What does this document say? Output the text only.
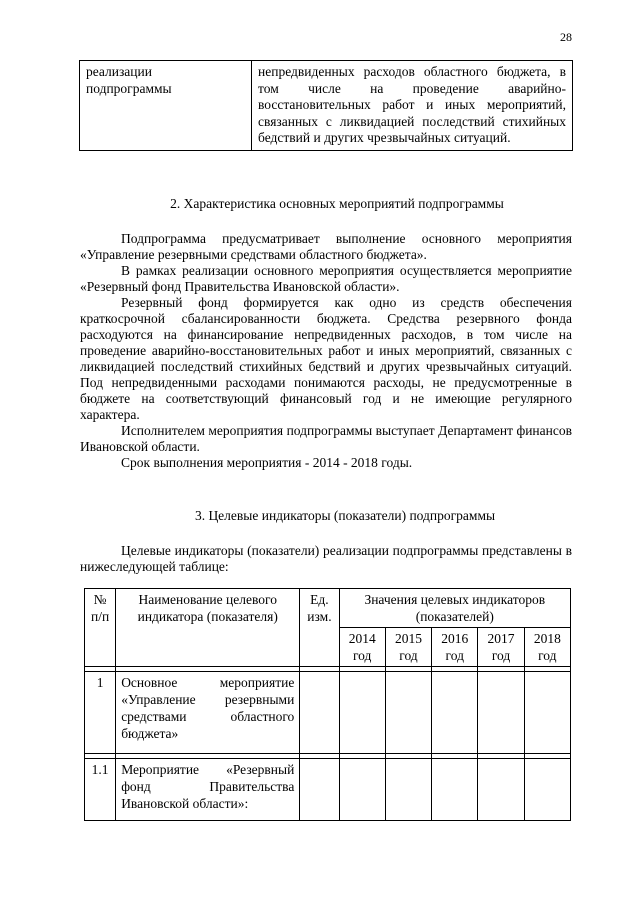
28
реализации
подпрограммы
	непредвиденных расходов областного бюджета, в том числе на проведение аварийно-восстановительных работ и иных мероприятий, связанных с ликвидацией последствий стихийных бедствий и других чрезвычайных ситуаций.
2. Характеристика основных мероприятий подпрограммы

Подпрограмма предусматривает выполнение основного мероприятия «Управление резервными средствами областного бюджета».

В рамках реализации основного мероприятия осуществляется мероприятие «Резервный фонд Правительства Ивановской области».

Резервный фонд формируется как одно из средств обеспечения краткосрочной сбалансированности бюджета. Средства резервного фонда расходуются на финансирование непредвиденных расходов, в том числе на проведение аварийно-восстановительных работ и иных мероприятий, связанных с ликвидацией последствий стихийных бедствий и других чрезвычайных ситуаций. Под непредвиденными расходами понимаются расходы, не предусмотренные в бюджете на соответствующий финансовый год и не имеющие регулярного характера.

Исполнителем мероприятия подпрограммы выступает Департамент финансов Ивановской области.

Срок выполнения мероприятия - 2014 - 2018 годы.

3. Целевые индикаторы (показатели) подпрограммы

Целевые индикаторы (показатели) реализации подпрограммы представлены в нижеследующей таблице:

№ п/п	Наименование целевого индикатора (показателя)	Ед. изм.	Значения целевых индикаторов (показателей)				
			2014 год	2015 год	2016 год	2017 год	2018 год

1	Основное мероприятие «Управление резервными средствами областного бюджета»						

1.1	Мероприятие «Резервный фонд Правительства Ивановской области»:						
